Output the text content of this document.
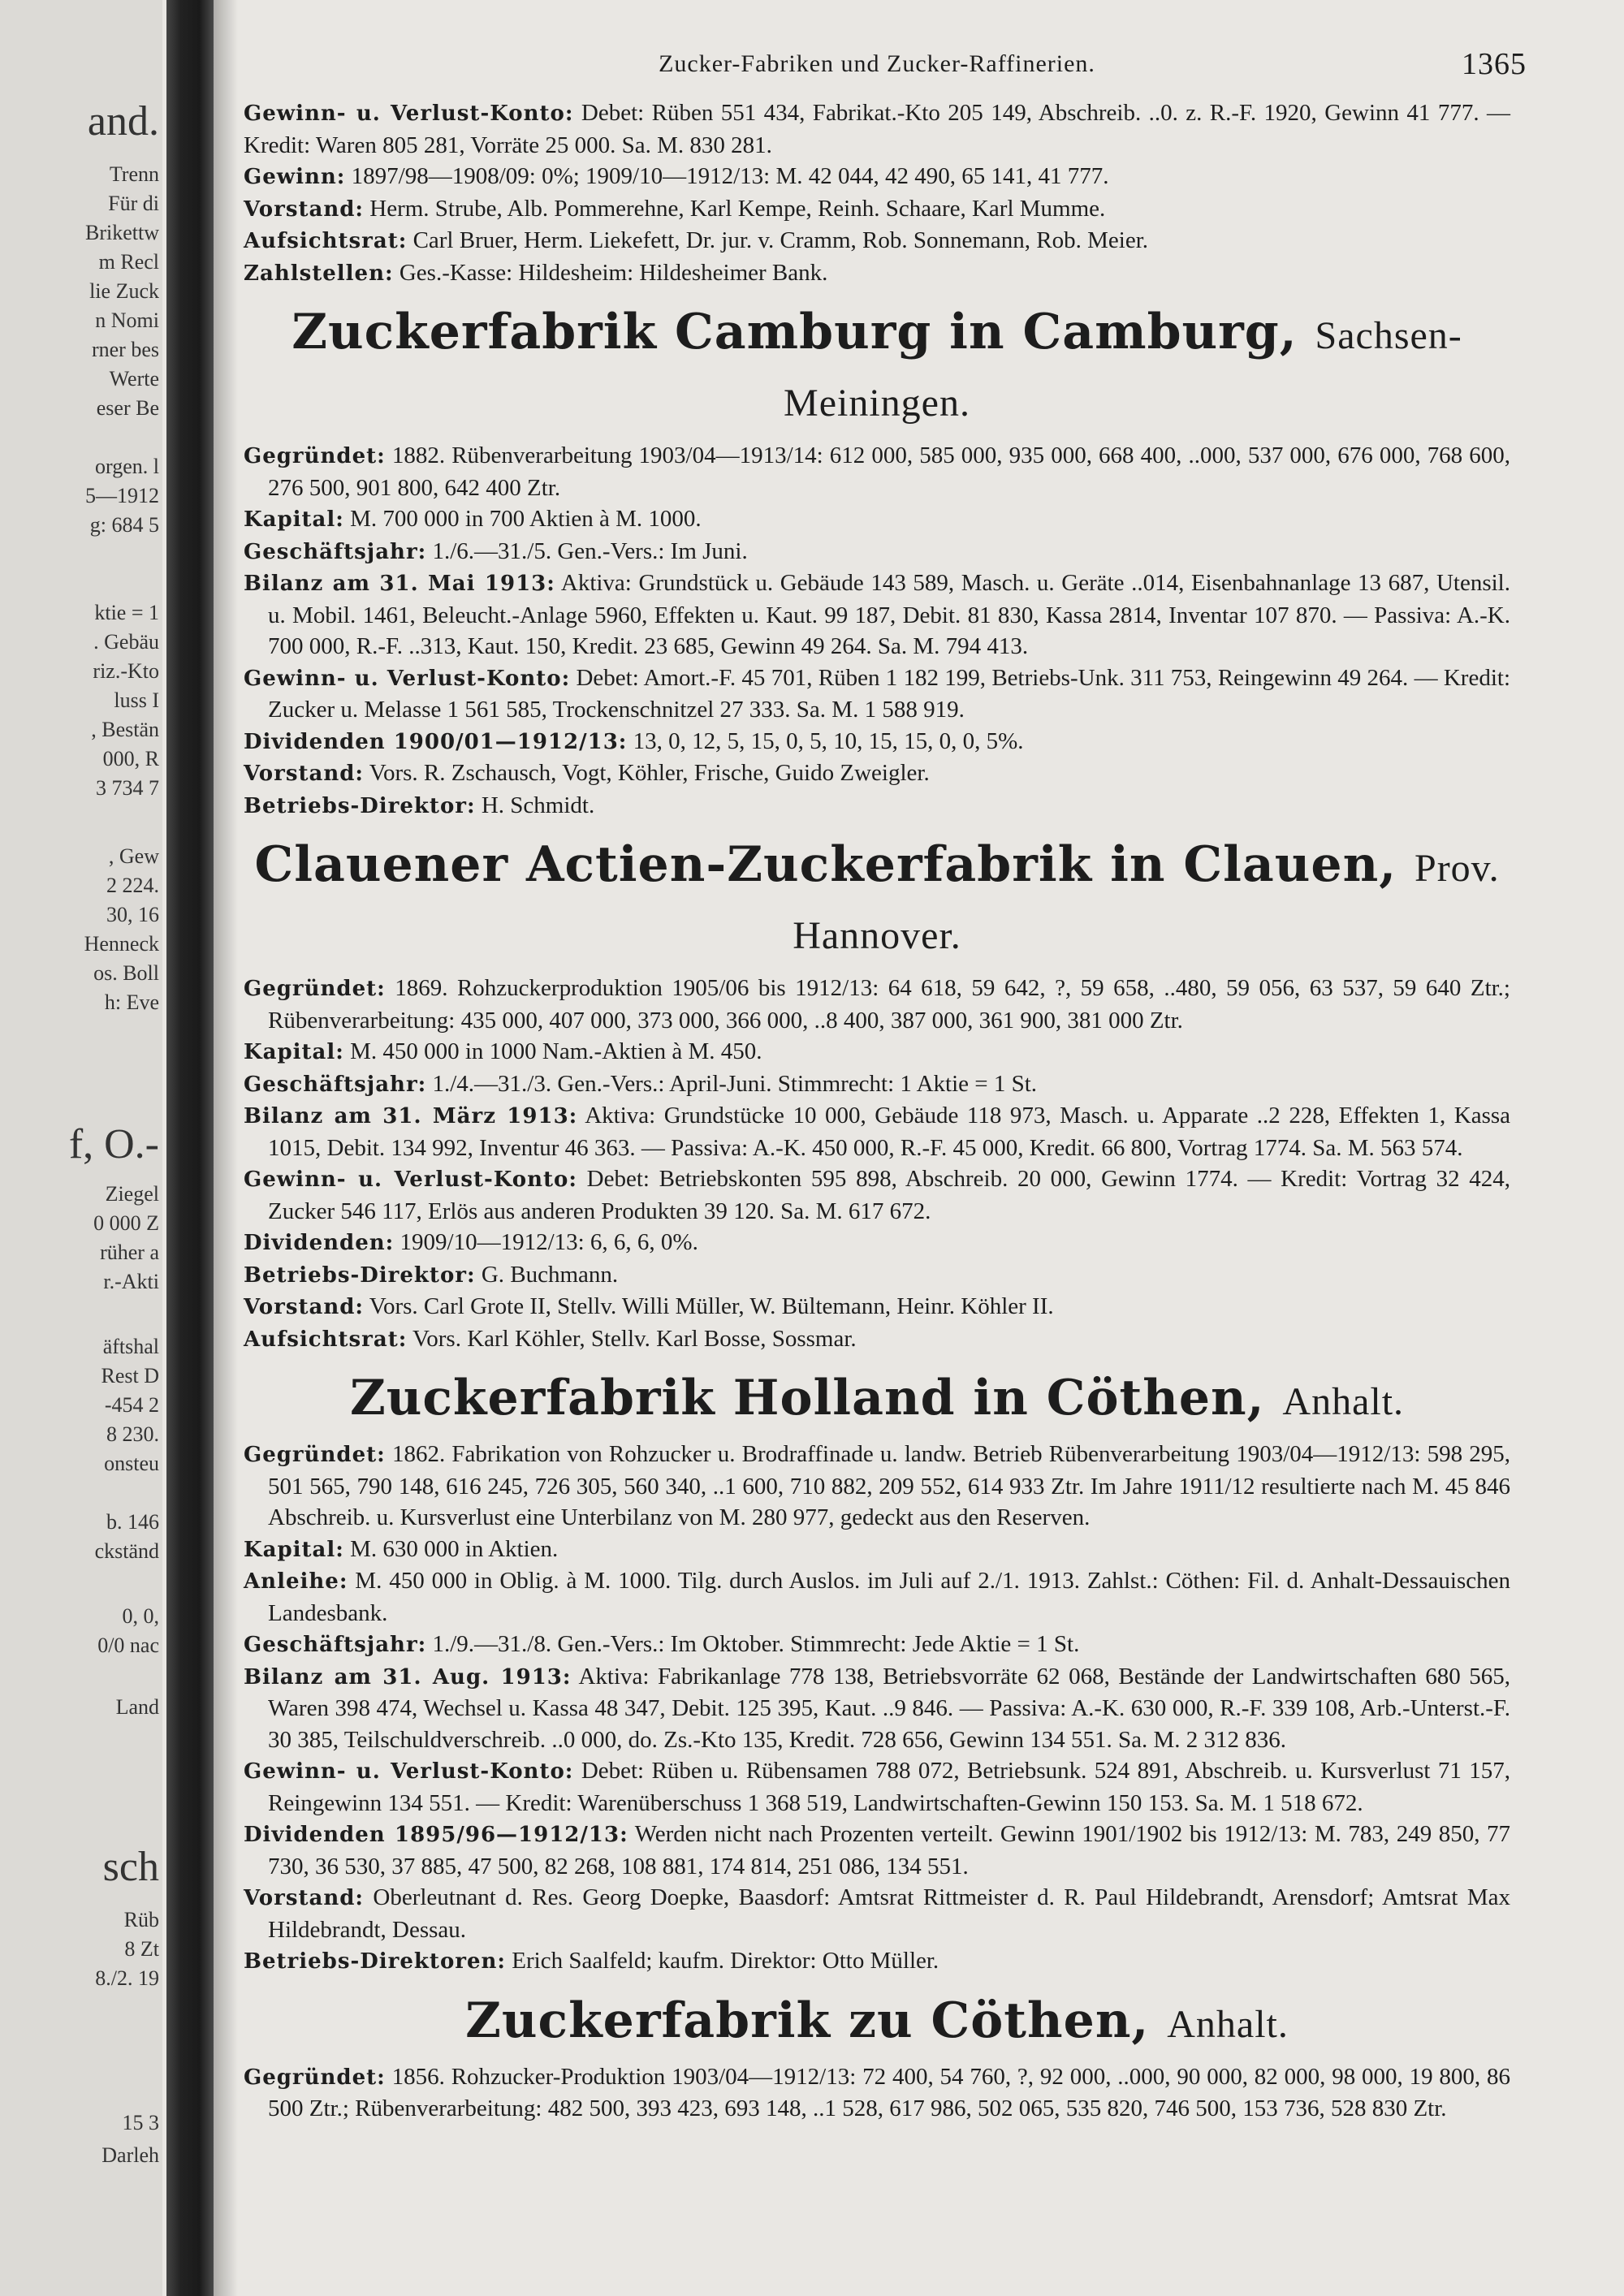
and.
Trenn
Für di
Brikettw
m Recl
lie Zuck
n Nomi
rner bes
Werte
eser Be
orgen. l
5—1912
g: 684 5
ktie = 1
. Gebäu
riz.-Kto
luss I
, Bestän
000, R
3 734 7
, Gew
2 224.
30, 16
Henneck
os. Boll
h: Eve
f, O.-
Ziegel
0 000 Z
rüher a
r.-Akti
äftshal
Rest D
-454 2
8 230.
onsteu
b. 146
ckständ
0, 0,
0/0 nac
Land
sch
Rüb
8 Zt
8./2. 19
15 3
Darleh
Zucker-Fabriken und Zucker-Raffinerien.	1365

Gewinn- u. Verlust-Konto: Debet: Rüben 551 434, Fabrikat.-Kto 205 149, Abschreib. ..0. z. R.-F. 1920, Gewinn 41 777. — Kredit: Waren 805 281, Vorräte 25 000. Sa. M. 830 281.

Gewinn: 1897/98—1908/09: 0%; 1909/10—1912/13: M. 42 044, 42 490, 65 141, 41 777.

Vorstand: Herm. Strube, Alb. Pommerehne, Karl Kempe, Reinh. Schaare, Karl Mumme.

Aufsichtsrat: Carl Bruer, Herm. Liekefett, Dr. jur. v. Cramm, Rob. Sonnemann, Rob. Meier.

Zahlstellen: Ges.-Kasse: Hildesheim: Hildesheimer Bank.

Zuckerfabrik Camburg in Camburg, Sachsen-Meiningen.

Gegründet: 1882. Rübenverarbeitung 1903/04—1913/14: 612 000, 585 000, 935 000, 668 400, ..000, 537 000, 676 000, 768 600, 276 500, 901 800, 642 400 Ztr.

Kapital: M. 700 000 in 700 Aktien à M. 1000.

Geschäftsjahr: 1./6.—31./5. Gen.-Vers.: Im Juni.

Bilanz am 31. Mai 1913: Aktiva: Grundstück u. Gebäude 143 589, Masch. u. Geräte ..014, Eisenbahnanlage 13 687, Utensil. u. Mobil. 1461, Beleucht.-Anlage 5960, Effekten u. Kaut. 99 187, Debit. 81 830, Kassa 2814, Inventar 107 870. — Passiva: A.-K. 700 000, R.-F. ..313, Kaut. 150, Kredit. 23 685, Gewinn 49 264. Sa. M. 794 413.

Gewinn- u. Verlust-Konto: Debet: Amort.-F. 45 701, Rüben 1 182 199, Betriebs-Unk. 311 753, Reingewinn 49 264. — Kredit: Zucker u. Melasse 1 561 585, Trockenschnitzel 27 333. Sa. M. 1 588 919.

Dividenden 1900/01—1912/13: 13, 0, 12, 5, 15, 0, 5, 10, 15, 15, 0, 0, 5%.

Vorstand: Vors. R. Zschausch, Vogt, Köhler, Frische, Guido Zweigler.

Betriebs-Direktor: H. Schmidt.

Clauener Actien-Zuckerfabrik in Clauen, Prov. Hannover.

Gegründet: 1869. Rohzuckerproduktion 1905/06 bis 1912/13: 64 618, 59 642, ?, 59 658, ..480, 59 056, 63 537, 59 640 Ztr.; Rübenverarbeitung: 435 000, 407 000, 373 000, 366 000, ..8 400, 387 000, 361 900, 381 000 Ztr.

Kapital: M. 450 000 in 1000 Nam.-Aktien à M. 450.

Geschäftsjahr: 1./4.—31./3. Gen.-Vers.: April-Juni. Stimmrecht: 1 Aktie = 1 St.

Bilanz am 31. März 1913: Aktiva: Grundstücke 10 000, Gebäude 118 973, Masch. u. Apparate ..2 228, Effekten 1, Kassa 1015, Debit. 134 992, Inventur 46 363. — Passiva: A.-K. 450 000, R.-F. 45 000, Kredit. 66 800, Vortrag 1774. Sa. M. 563 574.

Gewinn- u. Verlust-Konto: Debet: Betriebskonten 595 898, Abschreib. 20 000, Gewinn 1774. — Kredit: Vortrag 32 424, Zucker 546 117, Erlös aus anderen Produkten 39 120. Sa. M. 617 672.

Dividenden: 1909/10—1912/13: 6, 6, 6, 0%.

Betriebs-Direktor: G. Buchmann.

Vorstand: Vors. Carl Grote II, Stellv. Willi Müller, W. Bültemann, Heinr. Köhler II.

Aufsichtsrat: Vors. Karl Köhler, Stellv. Karl Bosse, Sossmar.

Zuckerfabrik Holland in Cöthen, Anhalt.

Gegründet: 1862. Fabrikation von Rohzucker u. Brodraffinade u. landw. Betrieb Rübenverarbeitung 1903/04—1912/13: 598 295, 501 565, 790 148, 616 245, 726 305, 560 340, ..1 600, 710 882, 209 552, 614 933 Ztr. Im Jahre 1911/12 resultierte nach M. 45 846 Abschreib. u. Kursverlust eine Unterbilanz von M. 280 977, gedeckt aus den Reserven.

Kapital: M. 630 000 in Aktien.

Anleihe: M. 450 000 in Oblig. à M. 1000. Tilg. durch Auslos. im Juli auf 2./1. 1913. Zahlst.: Cöthen: Fil. d. Anhalt-Dessauischen Landesbank.

Geschäftsjahr: 1./9.—31./8. Gen.-Vers.: Im Oktober. Stimmrecht: Jede Aktie = 1 St.

Bilanz am 31. Aug. 1913: Aktiva: Fabrikanlage 778 138, Betriebsvorräte 62 068, Bestände der Landwirtschaften 680 565, Waren 398 474, Wechsel u. Kassa 48 347, Debit. 125 395, Kaut. ..9 846. — Passiva: A.-K. 630 000, R.-F. 339 108, Arb.-Unterst.-F. 30 385, Teilschuldverschreib. ..0 000, do. Zs.-Kto 135, Kredit. 728 656, Gewinn 134 551. Sa. M. 2 312 836.

Gewinn- u. Verlust-Konto: Debet: Rüben u. Rübensamen 788 072, Betriebsunk. 524 891, Abschreib. u. Kursverlust 71 157, Reingewinn 134 551. — Kredit: Warenüberschuss 1 368 519, Landwirtschaften-Gewinn 150 153. Sa. M. 1 518 672.

Dividenden 1895/96—1912/13: Werden nicht nach Prozenten verteilt. Gewinn 1901/1902 bis 1912/13: M. 783, 249 850, 77 730, 36 530, 37 885, 47 500, 82 268, 108 881, 174 814, 251 086, 134 551.

Vorstand: Oberleutnant d. Res. Georg Doepke, Baasdorf: Amtsrat Rittmeister d. R. Paul Hildebrandt, Arensdorf; Amtsrat Max Hildebrandt, Dessau.

Betriebs-Direktoren: Erich Saalfeld; kaufm. Direktor: Otto Müller.

Zuckerfabrik zu Cöthen, Anhalt.

Gegründet: 1856. Rohzucker-Produktion 1903/04—1912/13: 72 400, 54 760, ?, 92 000, ..000, 90 000, 82 000, 98 000, 19 800, 86 500 Ztr.; Rübenverarbeitung: 482 500, 393 423, 693 148, ..1 528, 617 986, 502 065, 535 820, 746 500, 153 736, 528 830 Ztr.
